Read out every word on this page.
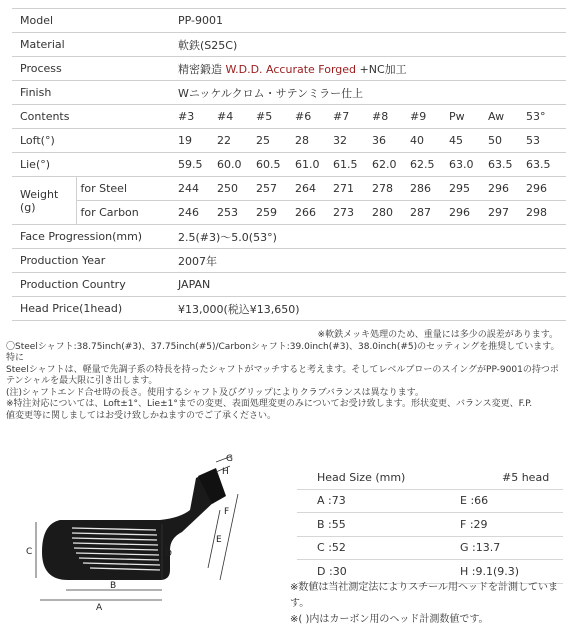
Model		PP-9001									
Material		軟鉄(S25C)									
Process		精密鍛造 W.D.D. Accurate Forged +NC加工									
Finish		Wニッケルクロム・サテンミラー仕上									
Contents		#3	#4	#5	#6	#7	#8	#9	Pw	Aw	53°
Loft(°)		19	22	25	28	32	36	40	45	50	53
Lie(°)		59.5	60.0	60.5	61.0	61.5	62.0	62.5	63.0	63.5	63.5
Weight
(g)	for Steel	244	250	257	264	271	278	286	295	296	296
	for Carbon	246	253	259	266	273	280	287	296	297	298
Face Progression(mm)		2.5(#3)〜5.0(53°)									
Production Year		2007年									
Production Country		JAPAN									
Head Price(1head)		¥13,000(税込¥13,650)									

※軟鉄メッキ処理のため、重量には多少の誤差があります。

〇Steelシャフト:38.75inch(#3)、37.75inch(#5)/Carbonシャフト:39.0inch(#3)、38.0inch(#5)のセッティングを推奨しています。特に

Steelシャフトは、軽量で先調子系の特長を持ったシャフトがマッチすると考えます。そしてレベルブローのスイングがPP-9001の持つポ

テンシャルを最大限に引き出します。

(注)シャフトエンド合せ時の長さ。使用するシャフト及びグリップによりクラブバランスは異なります。

※特注対応については、Loft±1°、Lie±1°までの変更、表面処理変更のみについてお受け致します。形状変更、バランス変更、F.P.

値変更等に関しましてはお受け致しかねますのでご了承ください。

C
A
B
D
E
F
G
H	Head Size (mm)	#5 head
A :73	E :66
B :55	F :29
C :52	G :13.7
D :30	H :9.1(9.3)

※数値は当社測定法によりスチール用ヘッドを計測しています。

※( )内はカーボン用のヘッド計測数値です。
